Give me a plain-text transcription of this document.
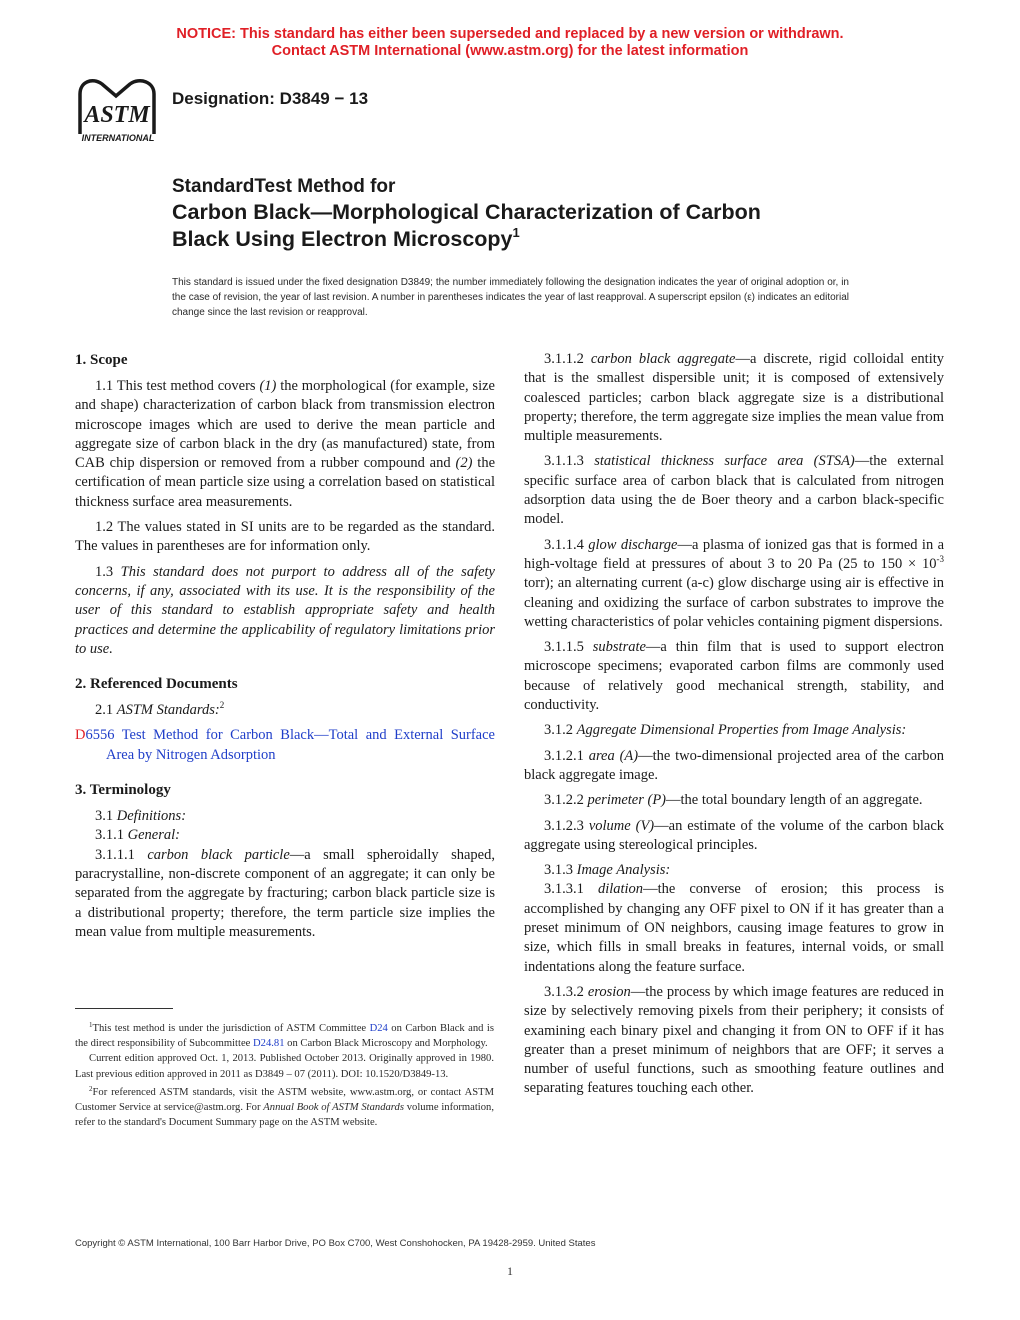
NOTICE: This standard has either been superseded and replaced by a new version or withdrawn.
Contact ASTM International (www.astm.org) for the latest information
ASTM
INTERNATIONAL
Designation: D3849 − 13
StandardTest Method for
Carbon Black—Morphological Characterization of Carbon
Black Using Electron Microscopy$^1$
This standard is issued under the fixed designation D3849; the number immediately following the designation indicates the year of original adoption or, in the case of revision, the year of last revision. A number in parentheses indicates the year of last reapproval. A superscript epsilon (ε) indicates an editorial change since the last revision or reapproval.
1. Scope

1.1 This test method covers (1) the morphological (for example, size and shape) characterization of carbon black from transmission electron microscope images which are used to derive the mean particle and aggregate size of carbon black in the dry (as manufactured) state, from CAB chip dispersion or removed from a rubber compound and (2) the certification of mean particle size using a correlation based on statistical thickness surface area measurements.

1.2 The values stated in SI units are to be regarded as the standard. The values in parentheses are for information only.

1.3 This standard does not purport to address all of the safety concerns, if any, associated with its use. It is the responsibility of the user of this standard to establish appropriate safety and health practices and determine the applicability of regulatory limitations prior to use.

2. Referenced Documents

2.1 ASTM Standards:$^2$

D6556 Test Method for Carbon Black—Total and External Surface Area by Nitrogen Adsorption
3. Terminology

3.1 Definitions:

3.1.1 General:

3.1.1.1 carbon black particle—a small spheroidally shaped, paracrystalline, non-discrete component of an aggregate; it can only be separated from the aggregate by fracturing; carbon black particle size is a distributional property; therefore, the term particle size implies the mean value from multiple measurements.

$^1$This test method is under the jurisdiction of ASTM Committee D24 on Carbon Black and is the direct responsibility of Subcommittee D24.81 on Carbon Black Microscopy and Morphology.

Current edition approved Oct. 1, 2013. Published October 2013. Originally approved in 1980. Last previous edition approved in 2011 as D3849 – 07 (2011). DOI: 10.1520/D3849-13.

$^2$For referenced ASTM standards, visit the ASTM website, www.astm.org, or contact ASTM Customer Service at service@astm.org. For Annual Book of ASTM Standards volume information, refer to the standard's Document Summary page on the ASTM website.

3.1.1.2 carbon black aggregate—a discrete, rigid colloidal entity that is the smallest dispersible unit; it is composed of extensively coalesced particles; carbon black aggregate size is a distributional property; therefore, the term aggregate size implies the mean value from multiple measurements.

3.1.1.3 statistical thickness surface area (STSA)—the external specific surface area of carbon black that is calculated from nitrogen adsorption data using the de Boer theory and a carbon black-specific model.

3.1.1.4 glow discharge—a plasma of ionized gas that is formed in a high-voltage field at pressures of about 3 to 20 Pa (25 to $150 \times 10^{-3}$ torr); an alternating current (a-c) glow discharge using air is effective in cleaning and oxidizing the surface of carbon substrates to improve the wetting characteristics of polar vehicles containing pigment dispersions.

3.1.1.5 substrate—a thin film that is used to support electron microscope specimens; evaporated carbon films are commonly used because of relatively good mechanical strength, stability, and conductivity.

3.1.2 Aggregate Dimensional Properties from Image Analysis:

3.1.2.1 area (A)—the two-dimensional projected area of the carbon black aggregate image.

3.1.2.2 perimeter (P)—the total boundary length of an aggregate.

3.1.2.3 volume (V)—an estimate of the volume of the carbon black aggregate using stereological principles.

3.1.3 Image Analysis:

3.1.3.1 dilation—the converse of erosion; this process is accomplished by changing any OFF pixel to ON if it has greater than a preset minimum of ON neighbors, causing image features to grow in size, which fills in small breaks in features, internal voids, or small indentations along the feature surface.

3.1.3.2 erosion—the process by which image features are reduced in size by selectively removing pixels from their periphery; it consists of examining each binary pixel and changing it from ON to OFF if it has greater than a preset minimum of neighbors that are OFF; it serves a number of useful functions, such as smoothing feature outlines and separating features touching each other.

Copyright © ASTM International, 100 Barr Harbor Drive, PO Box C700, West Conshohocken, PA 19428-2959. United States
1
